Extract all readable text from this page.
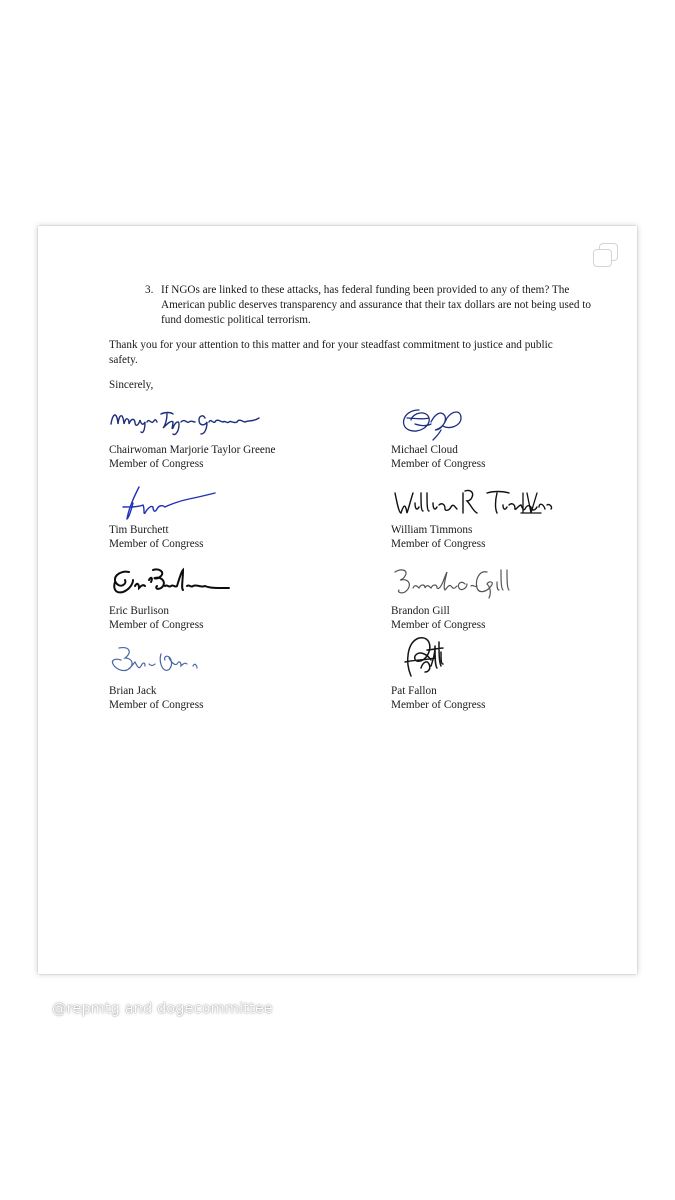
3. If NGOs are linked to these attacks, has federal funding been provided to any of them? The American public deserves transparency and assurance that their tax dollars are not being used to fund domestic political terrorism.
Thank you for your attention to this matter and for your steadfast commitment to justice and public safety.
Sincerely,
Chairwoman Marjorie Taylor Greene
Member of Congress
Michael Cloud
Member of Congress
Tim Burchett
Member of Congress
William Timmons
Member of Congress
Eric Burlison
Member of Congress
Brandon Gill
Member of Congress
Brian Jack
Member of Congress
Pat Fallon
Member of Congress
@repmtg and dogecommittee
